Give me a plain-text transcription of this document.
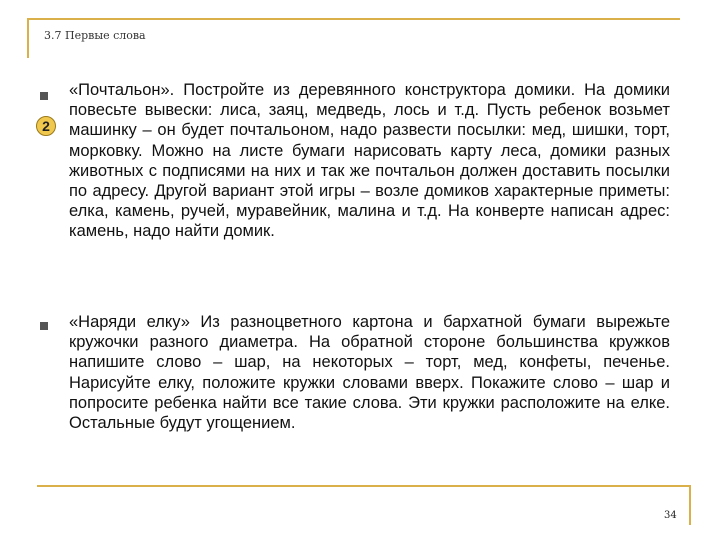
3.7 Первые слова
2

«Почтальон». Постройте из деревянного конструктора домики. На домики повесьте вывески: лиса, заяц, медведь, лось и т.д. Пусть ребенок возьмет машинку – он будет почтальоном, надо развести посылки: мед, шишки, торт, морковку. Можно на листе бумаги нарисовать карту леса, домики разных животных с подписями на них и так же почтальон должен доставить посылки по адресу. Другой вариант этой игры – возле домиков характерные приметы: елка, камень, ручей, муравейник, малина и т.д. На конверте написан адрес: камень, надо найти домик.

«Наряди елку» Из разноцветного картона и бархатной бумаги вырежьте кружочки разного диаметра. На обратной стороне большинства кружков напишите слово – шар, на некоторых – торт, мед, конфеты, печенье. Нарисуйте елку, положите кружки словами вверх. Покажите слово – шар и попросите ребенка найти все такие слова. Эти кружки расположите на елке. Остальные будут угощением.

34
